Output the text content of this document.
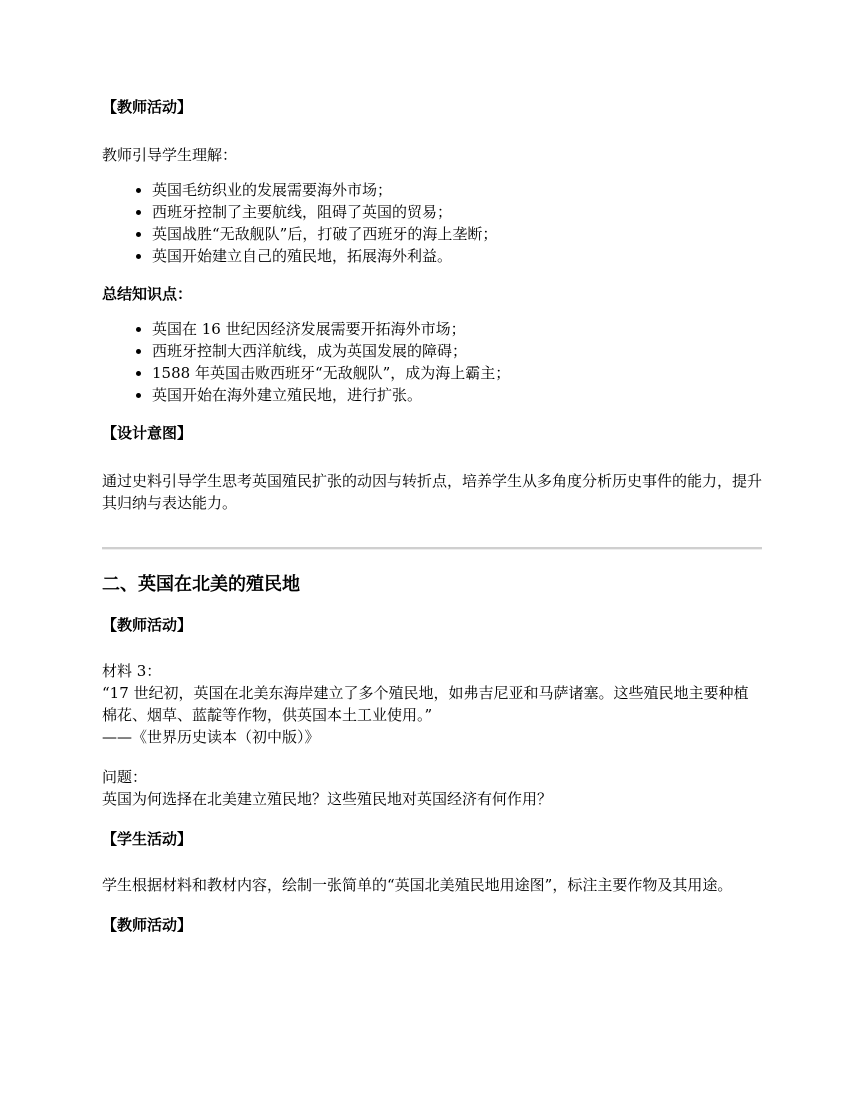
【教师活动】

教师引导学生理解：

英国毛纺织业的发展需要海外市场；
西班牙控制了主要航线，阻碍了英国的贸易；
英国战胜“无敌舰队”后，打破了西班牙的海上垄断；
英国开始建立自己的殖民地，拓展海外利益。

总结知识点：

英国在 16 世纪因经济发展需要开拓海外市场；
西班牙控制大西洋航线，成为英国发展的障碍；
1588 年英国击败西班牙“无敌舰队”，成为海上霸主；
英国开始在海外建立殖民地，进行扩张。

【设计意图】

通过史料引导学生思考英国殖民扩张的动因与转折点，培养学生从多角度分析历史事件的能力，提升其归纳与表达能力。

二、英国在北美的殖民地

【教师活动】

材料 3：

“17 世纪初，英国在北美东海岸建立了多个殖民地，如弗吉尼亚和马萨诸塞。这些殖民地主要种植棉花、烟草、蓝靛等作物，供英国本土工业使用。”

——《世界历史读本（初中版）》

问题：

英国为何选择在北美建立殖民地？这些殖民地对英国经济有何作用？

【学生活动】

学生根据材料和教材内容，绘制一张简单的“英国北美殖民地用途图”，标注主要作物及其用途。

【教师活动】
